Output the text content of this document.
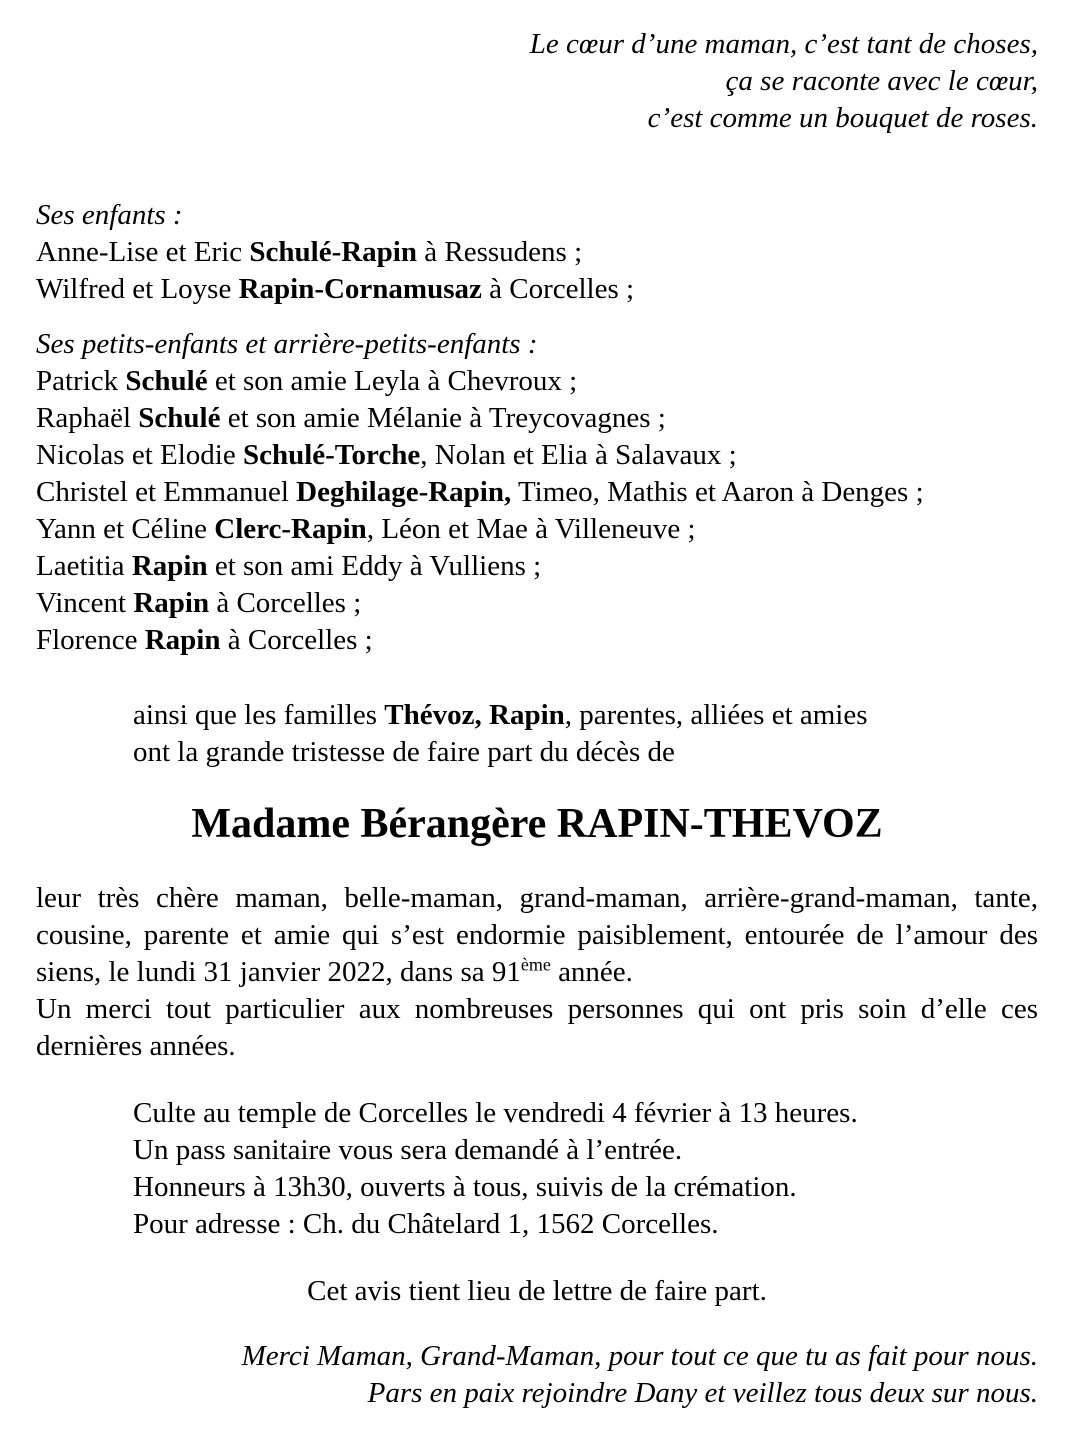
Le cœur d’une maman, c’est tant de choses,
ça se raconte avec le cœur,
c’est comme un bouquet de roses.
Ses enfants :
Anne-Lise et Eric Schulé-Rapin à Ressudens ;
Wilfred et Loyse Rapin-Cornamusaz à Corcelles ;
Ses petits-enfants et arrière-petits-enfants :
Patrick Schulé et son amie Leyla à Chevroux ;
Raphaël Schulé et son amie Mélanie à Treycovagnes ;
Nicolas et Elodie Schulé-Torche, Nolan et Elia à Salavaux ;
Christel et Emmanuel Deghilage-Rapin, Timeo, Mathis et Aaron à Denges ;
Yann et Céline Clerc-Rapin, Léon et Mae à Villeneuve ;
Laetitia Rapin et son ami Eddy à Vulliens ;
Vincent Rapin à Corcelles ;
Florence Rapin à Corcelles ;
ainsi que les familles Thévoz, Rapin, parentes, alliées et amies
ont la grande tristesse de faire part du décès de
Madame Bérangère RAPIN-THEVOZ

leur très chère maman, belle-maman, grand-maman, arrière-grand-maman, tante, cousine, parente et amie qui s’est endormie paisiblement, entourée de l’amour des siens, le lundi 31 janvier 2022, dans sa 91ème année.

Un merci tout particulier aux nombreuses personnes qui ont pris soin d’elle ces dernières années.

Culte au temple de Corcelles le vendredi 4 février à 13 heures.
Un pass sanitaire vous sera demandé à l’entrée.
Honneurs à 13h30, ouverts à tous, suivis de la crémation.
Pour adresse : Ch. du Châtelard 1, 1562 Corcelles.
Cet avis tient lieu de lettre de faire part.
Merci Maman, Grand-Maman, pour tout ce que tu as fait pour nous.
Pars en paix rejoindre Dany et veillez tous deux sur nous.
